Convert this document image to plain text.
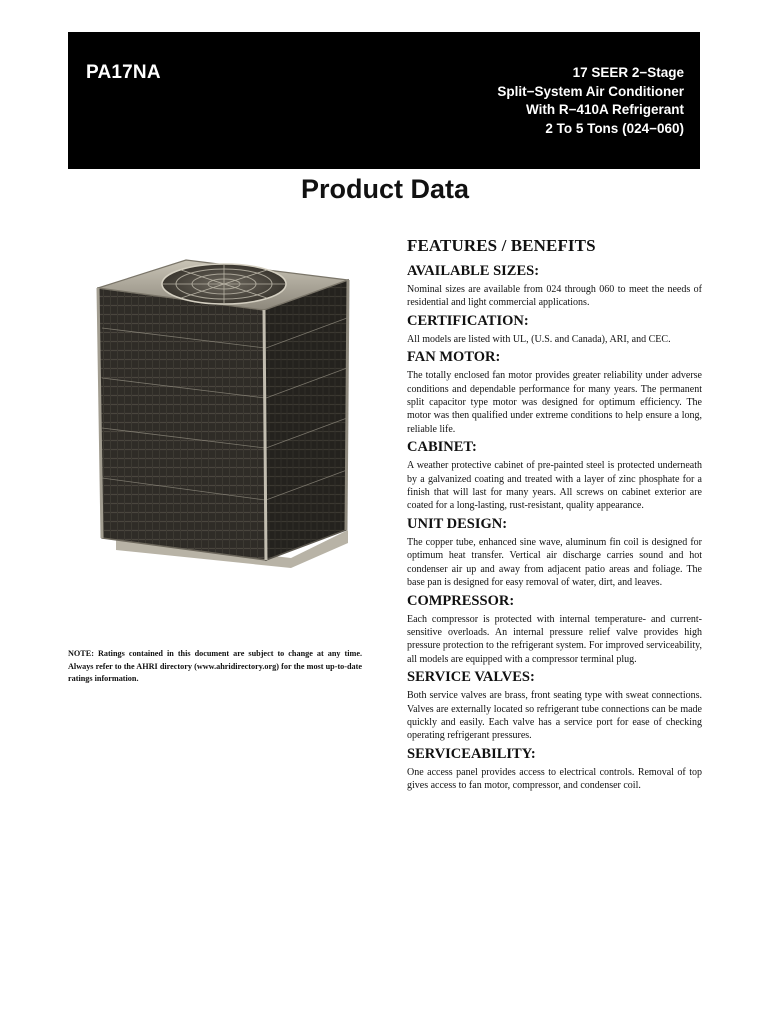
PA17NA	17 SEER 2−Stage
Split−System Air Conditioner
With R−410A Refrigerant
2 To 5 Tons (024−060)
Product Data
NOTE: Ratings contained in this document are subject to change at any time. Always refer to the AHRI directory (www.ahridirectory.org) for the most up-to-date ratings information.
FEATURES / BENEFITS
AVAILABLE SIZES:
Nominal sizes are available from 024 through 060 to meet the needs of residential and light commercial applications.
CERTIFICATION:
All models are listed with UL, (U.S. and Canada), ARI, and CEC.
FAN MOTOR:
The totally enclosed fan motor provides greater reliability under adverse conditions and dependable performance for many years. The permanent split capacitor type motor was designed for optimum efficiency. The motor was then qualified under extreme conditions to help ensure a long, reliable life.
CABINET:
A weather protective cabinet of pre-painted steel is protected underneath by a galvanized coating and treated with a layer of zinc phosphate for a finish that will last for many years. All screws on cabinet exterior are coated for a long-lasting, rust-resistant, quality appearance.
UNIT DESIGN:
The copper tube, enhanced sine wave, aluminum fin coil is designed for optimum heat transfer. Vertical air discharge carries sound and hot condenser air up and away from adjacent patio areas and foliage. The base pan is designed for easy removal of water, dirt, and leaves.
COMPRESSOR:
Each compressor is protected with internal temperature- and current-sensitive overloads. An internal pressure relief valve provides high pressure protection to the refrigerant system. For improved serviceability, all models are equipped with a compressor terminal plug.
SERVICE VALVES:
Both service valves are brass, front seating type with sweat connections. Valves are externally located so refrigerant tube connections can be made quickly and easily. Each valve has a service port for ease of checking operating refrigerant pressures.
SERVICEABILITY:
One access panel provides access to electrical controls. Removal of top gives access to fan motor, compressor, and condenser coil.
